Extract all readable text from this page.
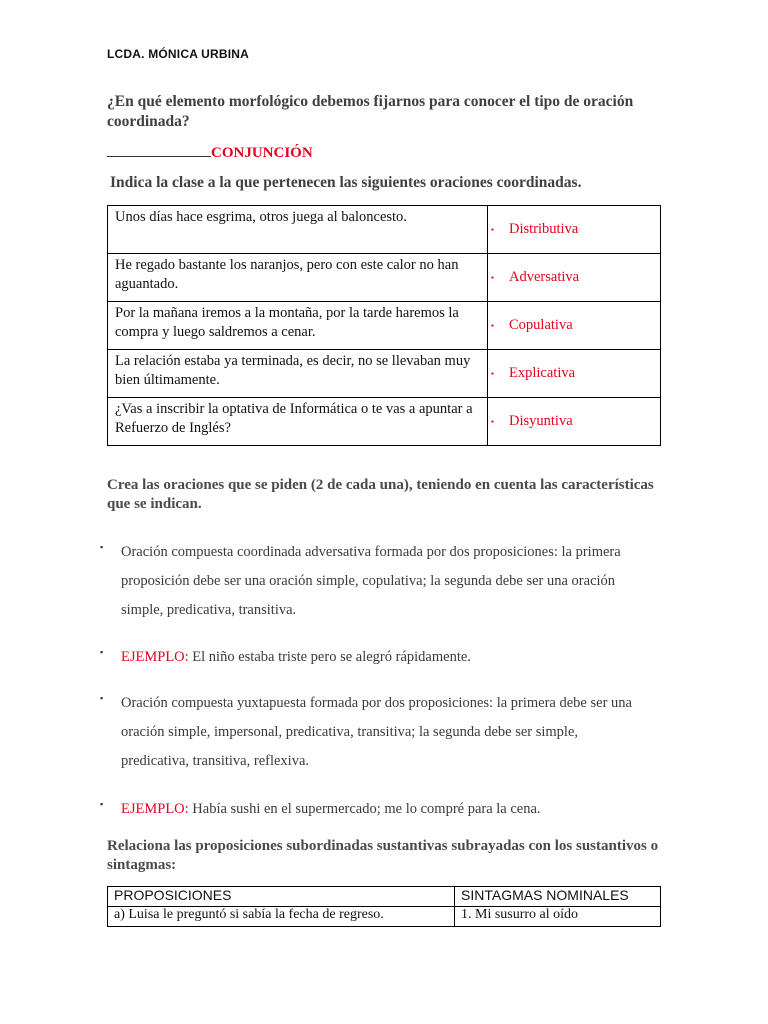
LCDA. MÓNICA URBINA
¿En qué elemento morfológico debemos fijarnos para conocer el tipo de oración coordinada?
CONJUNCIÓN
Indica la clase a la que pertenecen las siguientes oraciones coordinadas.
Unos días hace esgrima, otros juega al baloncesto.	▪ Distributiva

He regado bastante los naranjos, pero con este calor no han aguantado.	▪ Adversativa

Por la mañana iremos a la montaña, por la tarde haremos la compra y luego saldremos a cenar.	▪ Copulativa

La relación estaba ya terminada, es decir, no se llevaban muy bien últimamente.	▪ Explicativa

¿Vas a inscribir la optativa de Informática o te vas a apuntar a Refuerzo de Inglés?	▪ Disyuntiva
Crea las oraciones que se piden (2 de cada una), teniendo en cuenta las características que se indican.
▪ Oración compuesta coordinada adversativa formada por dos proposiciones: la primera proposición debe ser una oración simple, copulativa; la segunda debe ser una oración simple, predicativa, transitiva.
▪ EJEMPLO: El niño estaba triste pero se alegró rápidamente.
▪ Oración compuesta yuxtapuesta formada por dos proposiciones: la primera debe ser una oración simple, impersonal, predicativa, transitiva; la segunda debe ser simple, predicativa, transitiva, reflexiva.
▪ EJEMPLO: Había sushi en el supermercado; me lo compré para la cena.
Relaciona las proposiciones subordinadas sustantivas subrayadas con los sustantivos o sintagmas:
PROPOSICIONES	SINTAGMAS NOMINALES
a) Luisa le preguntó si sabía la fecha de regreso.	1. Mi susurro al oído
